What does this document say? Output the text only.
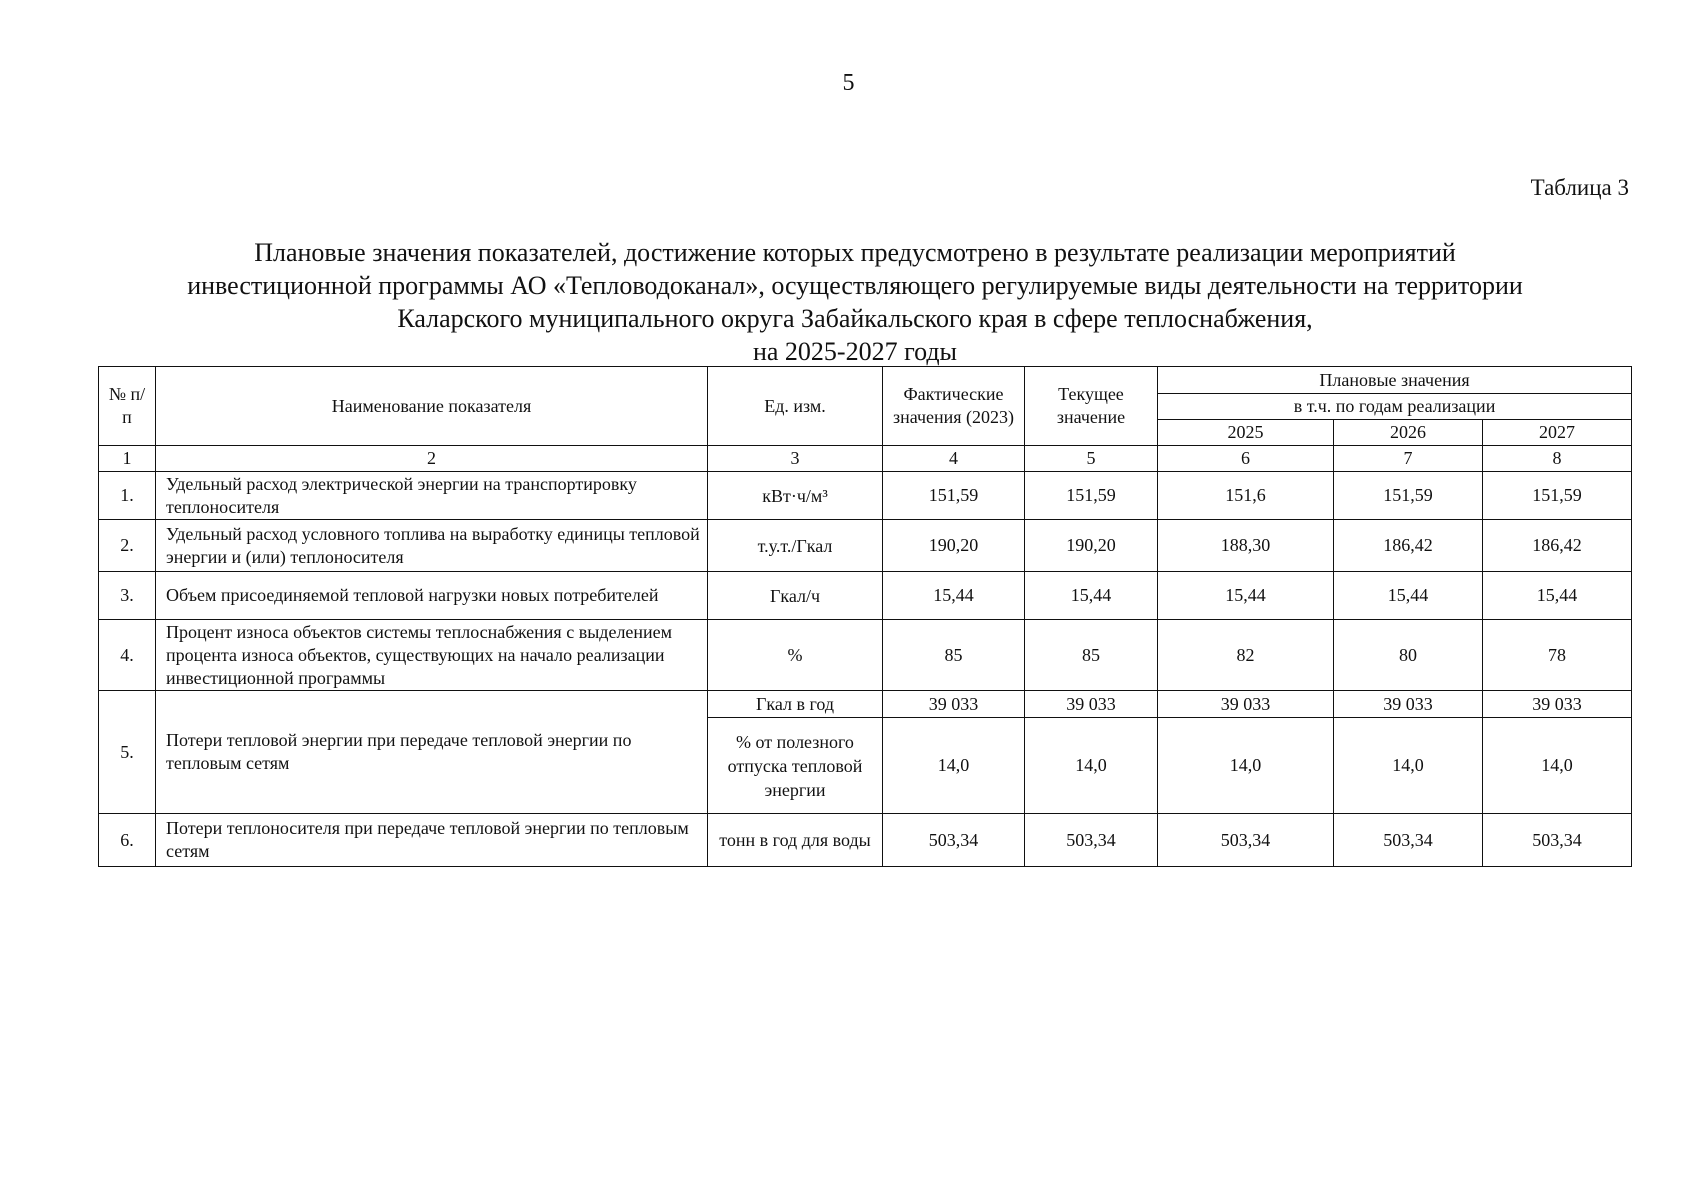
5
Таблица 3
Плановые значения показателей, достижение которых предусмотрено в результате реализации мероприятий
инвестиционной программы АО «Тепловодоканал», осуществляющего регулируемые виды деятельности на территории
Каларского муниципального округа Забайкальского края в сфере теплоснабжения,
на 2025-2027 годы
№ п/п	Наименование показателя	Ед. изм.	Фактические значения (2023)	Текущее значение	Плановые значения		
					в т.ч. по годам реализации		
					2025	2026	2027
1	2	3	4	5	6	7	8
1.	Удельный расход электрической энергии на транспортировку теплоносителя	кВт·ч/м³	151,59	151,59	151,6	151,59	151,59
2.	Удельный расход условного топлива на выработку единицы тепловой энергии и (или) теплоносителя	т.у.т./Гкал	190,20	190,20	188,30	186,42	186,42
3.	Объем присоединяемой тепловой нагрузки новых потребителей	Гкал/ч	15,44	15,44	15,44	15,44	15,44
4.	Процент износа объектов системы теплоснабжения с выделением процента износа объектов, существующих на начало реализации инвестиционной программы	%	85	85	82	80	78
5.	Потери тепловой энергии при передаче тепловой энергии по тепловым сетям	Гкал в год	39 033	39 033	39 033	39 033	39 033
		% от полезного отпуска тепловой энергии	14,0	14,0	14,0	14,0	14,0
6.	Потери теплоносителя при передаче тепловой энергии по тепловым сетям	тонн в год для воды	503,34	503,34	503,34	503,34	503,34
